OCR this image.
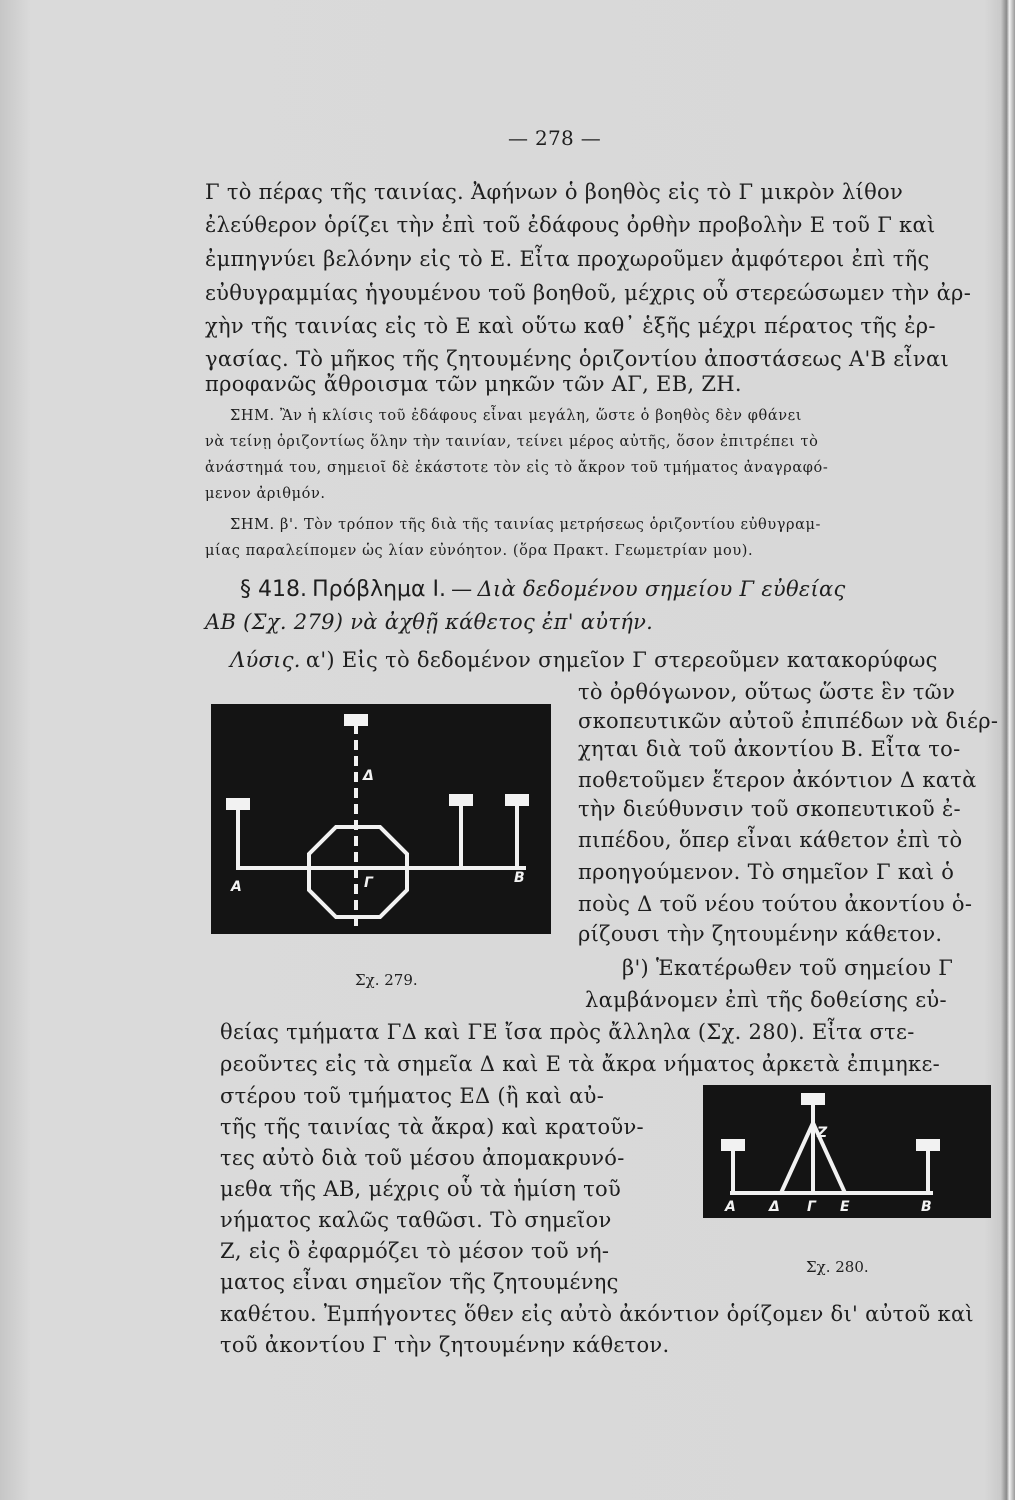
— 278 —
Γ τὸ πέρας τῆς ταινίας. Ἀφήνων ὁ βοηθὸς εἰς τὸ Γ μικρὸν λίθον
ἐλεύθερον ὁρίζει τὴν ἐπὶ τοῦ ἐδάφους ὀρθὴν προβολὴν Ε τοῦ Γ καὶ
ἐμπηγνύει βελόνην εἰς τὸ Ε. Εἶτα προχωροῦμεν ἀμφότεροι ἐπὶ τῆς
εὐθυγραμμίας ἡγουμένου τοῦ βοηθοῦ, μέχρις οὗ στερεώσωμεν τὴν ἀρ-
χὴν τῆς ταινίας εἰς τὸ Ε καὶ οὕτω καθ᾽ ἑξῆς μέχρι πέρατος τῆς ἐρ-
γασίας. Τὸ μῆκος τῆς ζητουμένης ὁριζοντίου ἀποστάσεως Α'Β εἶναι
προφανῶς ἄθροισμα τῶν μηκῶν τῶν ΑΓ, ΕΒ, ΖΗ.
ΣΗΜ. Ἂν ἡ κλίσις τοῦ ἐδάφους εἶναι μεγάλη, ὥστε ὁ βοηθὸς δὲν φθάνει
νὰ τείνῃ ὁριζοντίως ὅλην τὴν ταινίαν, τείνει μέρος αὐτῆς, ὅσον ἐπιτρέπει τὸ
ἀνάστημά του, σημειοῖ δὲ ἑκάστοτε τὸν εἰς τὸ ἄκρον τοῦ τμήματος ἀναγραφό-
μενον ἀριθμόν.
ΣΗΜ. β'. Τὸν τρόπον τῆς διὰ τῆς ταινίας μετρήσεως ὁριζοντίου εὐθυγραμ-
μίας παραλείπομεν ὡς λίαν εὐνόητον. (ὅρα Πρακτ. Γεωμετρίαν μου).
§ 418. Πρόβλημα Ι. — Διὰ δεδομένου σημείου Γ εὐθείας
ΑΒ (Σχ. 279) νὰ ἀχθῇ κάθετος ἐπ' αὐτήν.
Λύσις. α') Εἰς τὸ δεδομένον σημεῖον Γ στερεοῦμεν κατακορύφως
τὸ ὀρθόγωνον, οὕτως ὥστε ἓν τῶν
σκοπευτικῶν αὐτοῦ ἐπιπέδων νὰ διέρ-
χηται διὰ τοῦ ἀκοντίου Β. Εἶτα το-
ποθετοῦμεν ἕτερον ἀκόντιον Δ κατὰ
τὴν διεύθυνσιν τοῦ σκοπευτικοῦ ἐ-
πιπέδου, ὅπερ εἶναι κάθετον ἐπὶ τὸ
προηγούμενον. Τὸ σημεῖον Γ καὶ ὁ
ποὺς Δ τοῦ νέου τούτου ἀκοντίου ὁ-
ρίζουσι τὴν ζητουμένην κάθετον.
A
B
Γ
Δ
Σχ. 279.	β') Ἑκατέρωθεν τοῦ σημείου Γ
λαμβάνομεν ἐπὶ τῆς δοθείσης εὐ-
θείας τμήματα ΓΔ καὶ ΓΕ ἴσα πρὸς ἄλληλα (Σχ. 280). Εἶτα στε-
ρεοῦντες εἰς τὰ σημεῖα Δ καὶ Ε τὰ ἄκρα νήματος ἀρκετὰ ἐπιμηκε-
στέρου τοῦ τμήματος ΕΔ (ἢ καὶ αὐ-
τῆς τῆς ταινίας τὰ ἄκρα) καὶ κρατοῦν-
τες αὐτὸ διὰ τοῦ μέσου ἀπομακρυνό-
μεθα τῆς ΑΒ, μέχρις οὗ τὰ ἡμίση τοῦ
νήματος καλῶς ταθῶσι. Τὸ σημεῖον
Ζ, εἰς ὃ ἐφαρμόζει τὸ μέσον τοῦ νή-
ματος εἶναι σημεῖον τῆς ζητουμένης
A Δ Γ E	B
Z
Σχ. 280.
καθέτου. Ἐμπήγοντες ὅθεν εἰς αὐτὸ ἀκόντιον ὁρίζομεν δι' αὐτοῦ καὶ
τοῦ ἀκοντίου Γ τὴν ζητουμένην κάθετον.
